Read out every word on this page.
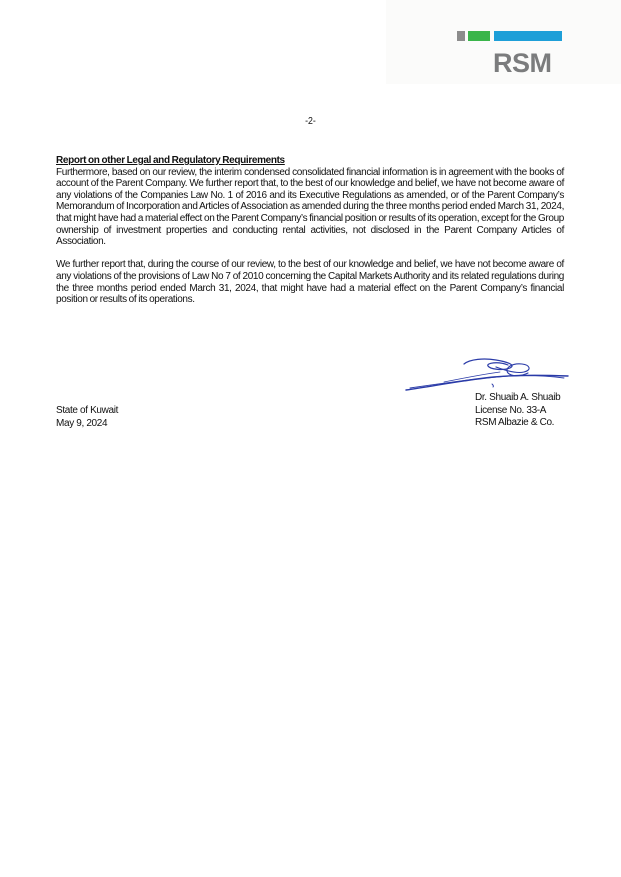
RSM
-2-

Report on other Legal and Regulatory Requirements

Furthermore, based on our review, the interim condensed consolidated financial information is in agreement with the books of account of the Parent Company. We further report that, to the best of our knowledge and belief, we have not become aware of any violations of the Companies Law No. 1 of 2016 and its Executive Regulations as amended, or of the Parent Company’s Memorandum of Incorporation and Articles of Association as amended during the three months period ended March 31, 2024, that might have had a material effect on the Parent Company’s financial position or results of its operation, except for the Group ownership of investment properties and conducting rental activities, not disclosed in the Parent Company Articles of Association.

We further report that, during the course of our review, to the best of our knowledge and belief, we have not become aware of any violations of the provisions of Law No 7 of 2010 concerning the Capital Markets Authority and its related regulations during the three months period ended March 31, 2024, that might have had a material effect on the Parent Company’s financial position or results of its operations.

State of Kuwait
May 9, 2024
Dr. Shuaib A. Shuaib
License No. 33-A
RSM Albazie & Co.
